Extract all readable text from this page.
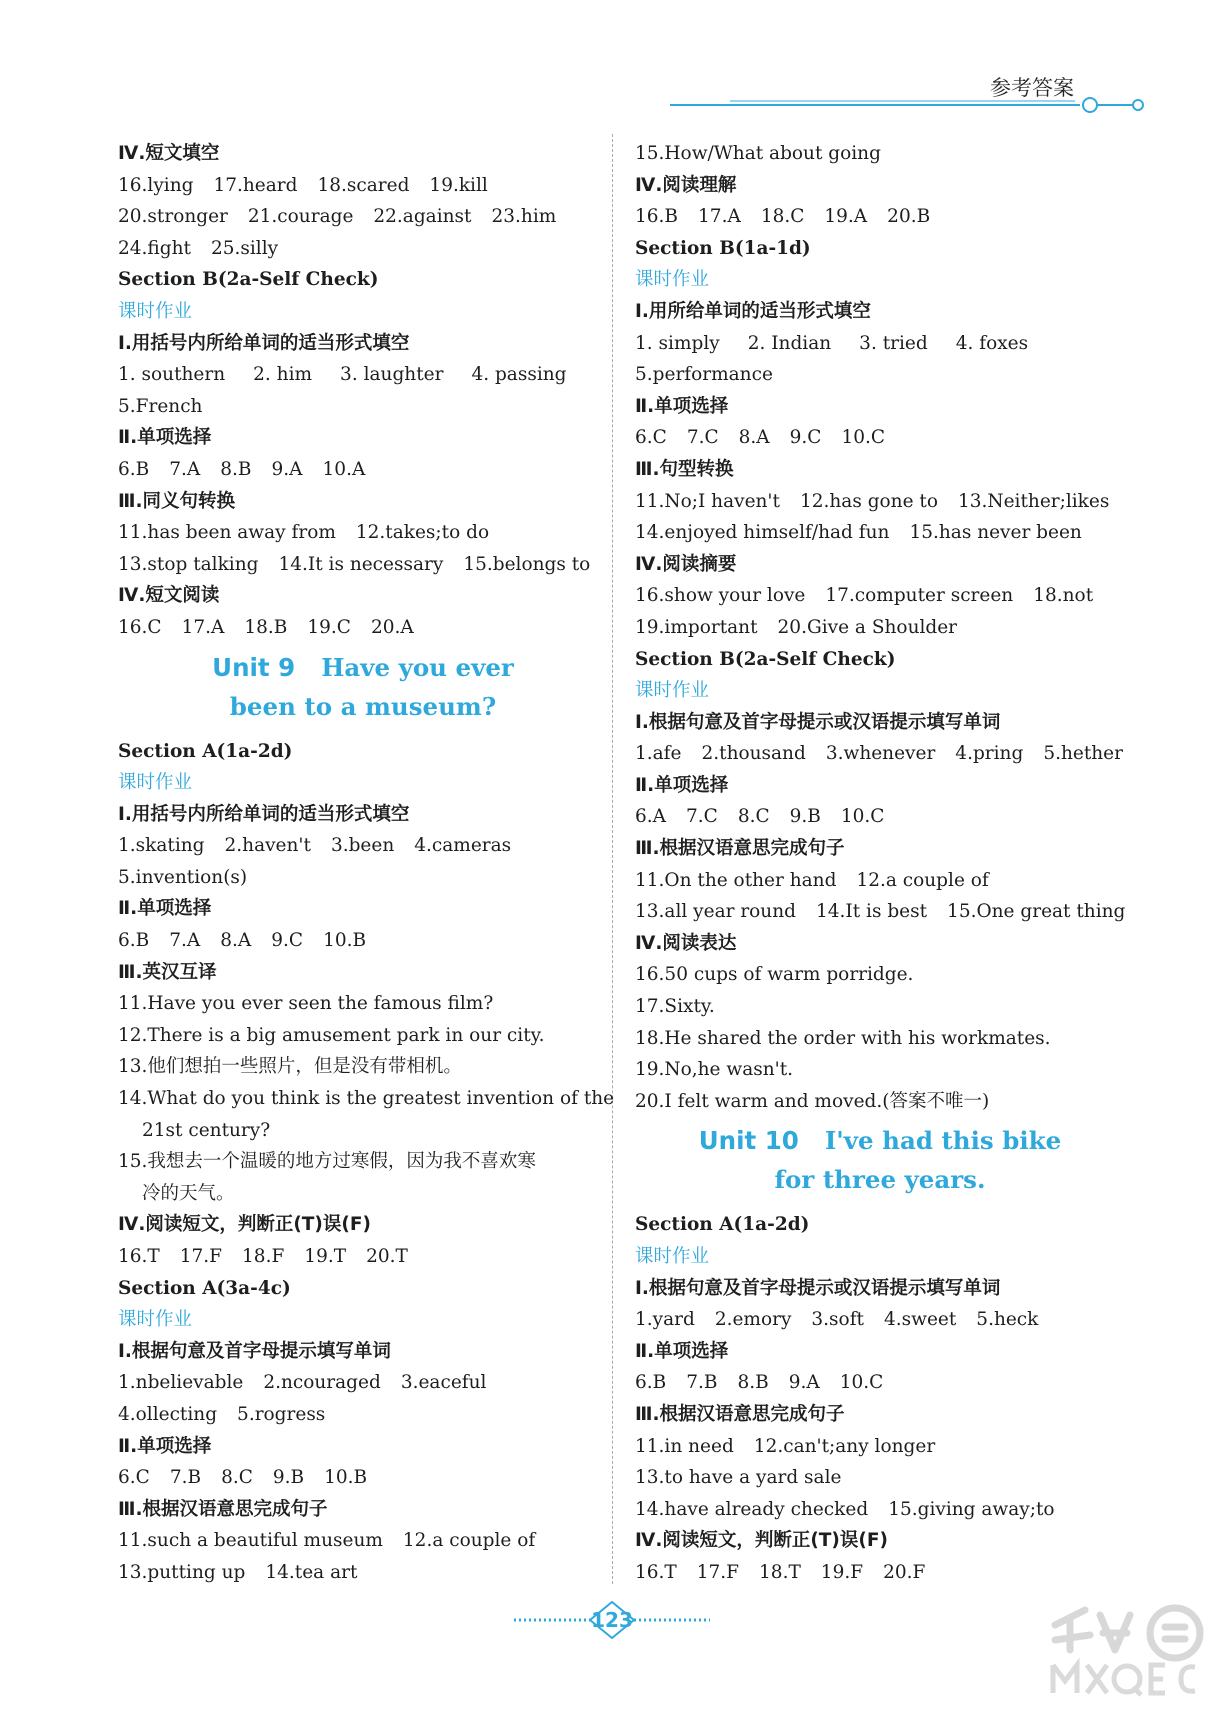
参考答案
Ⅳ.短文填空
16.lying 17.heard 18.scared 19.kill
20.stronger 21.courage 22.against 23.him
24.fight 25.silly
Section B(2a-Self Check)
课时作业
Ⅰ.用括号内所给单词的适当形式填空
1. southern 2. him 3. laughter 4. passing
5.French
Ⅱ.单项选择
6.B 7.A 8.B 9.A 10.A
Ⅲ.同义句转换
11.has been away from 12.takes;to do
13.stop talking 14.It is necessary 15.belongs to
Ⅳ.短文阅读
16.C 17.A 18.B 19.C 20.A
Unit 9 Have you ever
been to a museum?
Section A(1a-2d)
课时作业
Ⅰ.用括号内所给单词的适当形式填空
1.skating 2.haven't 3.been 4.cameras
5.invention(s)
Ⅱ.单项选择
6.B 7.A 8.A 9.C 10.B
Ⅲ.英汉互译
11.Have you ever seen the famous film?
12.There is a big amusement park in our city.
13.他们想拍一些照片，但是没有带相机。
14.What do you think is the greatest invention of the
21st century?
15.我想去一个温暖的地方过寒假，因为我不喜欢寒
冷的天气。
Ⅳ.阅读短文，判断正(T)误(F)
16.T 17.F 18.F 19.T 20.T
Section A(3a-4c)
课时作业
Ⅰ.根据句意及首字母提示填写单词
1.nbelievable 2.ncouraged 3.eaceful
4.ollecting 5.rogress
Ⅱ.单项选择
6.C 7.B 8.C 9.B 10.B
Ⅲ.根据汉语意思完成句子
11.such a beautiful museum 12.a couple of
13.putting up 14.tea art
15.How/What about going
Ⅳ.阅读理解
16.B 17.A 18.C 19.A 20.B
Section B(1a-1d)
课时作业
Ⅰ.用所给单词的适当形式填空
1. simply 2. Indian 3. tried 4. foxes
5.performance
Ⅱ.单项选择
6.C 7.C 8.A 9.C 10.C
Ⅲ.句型转换
11.No;I haven't 12.has gone to 13.Neither;likes
14.enjoyed himself/had fun 15.has never been
Ⅳ.阅读摘要
16.show your love 17.computer screen 18.not
19.important 20.Give a Shoulder
Section B(2a-Self Check)
课时作业
Ⅰ.根据句意及首字母提示或汉语提示填写单词
1.afe 2.thousand 3.whenever 4.pring 5.hether
Ⅱ.单项选择
6.A 7.C 8.C 9.B 10.C
Ⅲ.根据汉语意思完成句子
11.On the other hand 12.a couple of
13.all year round 14.It is best 15.One great thing
Ⅳ.阅读表达
16.50 cups of warm porridge.
17.Sixty.
18.He shared the order with his workmates.
19.No,he wasn't.
20.I felt warm and moved.(答案不唯一)
Unit 10 I've had this bike
for three years.
Section A(1a-2d)
课时作业
Ⅰ.根据句意及首字母提示或汉语提示填写单词
1.yard 2.emory 3.soft 4.sweet 5.heck
Ⅱ.单项选择
6.B 7.B 8.B 9.A 10.C
Ⅲ.根据汉语意思完成句子
11.in need 12.can't;any longer
13.to have a yard sale
14.have already checked 15.giving away;to
Ⅳ.阅读短文，判断正(T)误(F)
16.T 17.F 18.T 19.F 20.F
123
